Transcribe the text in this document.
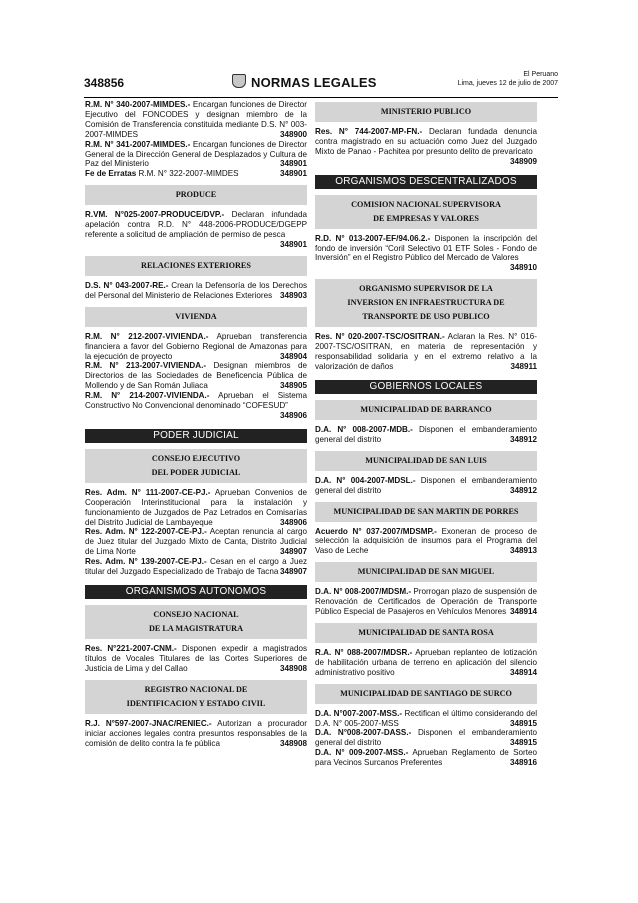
348856	NORMAS LEGALES
El Peruano
Lima, jueves 12 de julio de 2007

R.M. N° 340-2007-MIMDES.- Encargan funciones de Director Ejecutivo del FONCODES y designan miembro de la Comisión de Transferencia constituida mediante D.S. N° 003-2007-MIMDES	348900

R.M. N° 341-2007-MIMDES.- Encargan funciones de Director General de la Dirección General de Desplazados y Cultura de Paz del Ministerio	348901

Fe de Erratas R.M. N° 322-2007-MIMDES	348901

PRODUCE

R.VM. N°025-2007-PRODUCE/DVP.- Declaran infundada apelación contra R.D. N° 448-2006-PRODUCE/DGEPP referente a solicitud de ampliación de permiso de pesca
348901

RELACIONES EXTERIORES

D.S. N° 043-2007-RE.- Crean la Defensoría de los Derechos del Personal del Ministerio de Relaciones Exteriores 348903

VIVIENDA

R.M. N° 212-2007-VIVIENDA.- Aprueban transferencia financiera a favor del Gobierno Regional de Amazonas para la ejecución de proyecto	348904

R.M. N° 213-2007-VIVIENDA.- Designan miembros de Directorios de las Sociedades de Beneficencia Pública de Mollendo y de San Román Juliaca	348905

R.M. N° 214-2007-VIVIENDA.- Aprueban el Sistema Constructivo No Convencional denominado “COFESUD”
348906

PODER JUDICIAL
CONSEJO EJECUTIVO
DEL PODER JUDICIAL

Res. Adm. N° 111-2007-CE-PJ.- Aprueban Convenios de Cooperación Interinstitucional para la instalación y funcionamiento de Juzgados de Paz Letrados en Comisarías del Distrito Judicial de Lambayeque	348906

Res. Adm. N° 122-2007-CE-PJ.- Aceptan renuncia al cargo de Juez titular del Juzgado Mixto de Canta, Distrito Judicial de Lima Norte	348907

Res. Adm. N° 139-2007-CE-PJ.- Cesan en el cargo a Juez titular del Juzgado Especializado de Trabajo de Tacna 348907

ORGANISMOS AUTONOMOS
CONSEJO NACIONAL
DE LA MAGISTRATURA

Res. N°221-2007-CNM.- Disponen expedir a magistrados títulos de Vocales Titulares de las Cortes Superiores de Justicia de Lima y del Callao	348908

REGISTRO NACIONAL DE
IDENTIFICACION Y ESTADO CIVIL

R.J. N°597-2007-JNAC/RENIEC.- Autorizan a procurador iniciar acciones legales contra presuntos responsables de la comisión de delito contra la fe pública	348908

MINISTERIO PUBLICO

Res. N° 744-2007-MP-FN.- Declaran fundada denuncia contra magistrado en su actuación como Juez del Juzgado Mixto de Panao - Pachitea por presunto delito de prevaricato
348909

ORGANISMOS DESCENTRALIZADOS
COMISION NACIONAL SUPERVISORA
DE EMPRESAS Y VALORES

R.D. N° 013-2007-EF/94.06.2.- Disponen la inscripción del fondo de inversión “Coril Selectivo 01 ETF Soles - Fondo de Inversión” en el Registro Público del Mercado de Valores
348910

ORGANISMO SUPERVISOR DE LA
INVERSION EN INFRAESTRUCTURA DE
TRANSPORTE DE USO PUBLICO

Res. N° 020-2007-TSC/OSITRAN.- Aclaran la Res. N° 016-2007-TSC/OSITRAN, en materia de representación y responsabilidad solidaria y en el extremo relativo a la valorización de daños	348911

GOBIERNOS LOCALES
MUNICIPALIDAD DE BARRANCO

D.A. N° 008-2007-MDB.- Disponen el embanderamiento general del distrito	348912

MUNICIPALIDAD DE SAN LUIS

D.A. N° 004-2007-MDSL.- Disponen el embanderamiento general del distrito	348912

MUNICIPALIDAD DE SAN MARTIN DE PORRES

Acuerdo N° 037-2007/MDSMP.- Exoneran de proceso de selección la adquisición de insumos para el Programa del Vaso de Leche	348913

MUNICIPALIDAD DE SAN MIGUEL

D.A. N° 008-2007/MDSM.- Prorrogan plazo de suspensión de Renovación de Certificados de Operación de Transporte Público Especial de Pasajeros en Vehículos Menores 348914

MUNICIPALIDAD DE SANTA ROSA

R.A. N° 088-2007/MDSR.- Aprueban replanteo de lotización de habilitación urbana de terreno en aplicación del silencio administrativo positivo	348914

MUNICIPALIDAD DE SANTIAGO DE SURCO

D.A. N°007-2007-MSS.- Rectifican el último considerando del D.A. N° 005-2007-MSS	348915

D.A. N°008-2007-DASS.- Disponen el embanderamiento general del distrito	348915

D.A. N° 009-2007-MSS.- Aprueban Reglamento de Sorteo para Vecinos Surcanos Preferentes	348916
